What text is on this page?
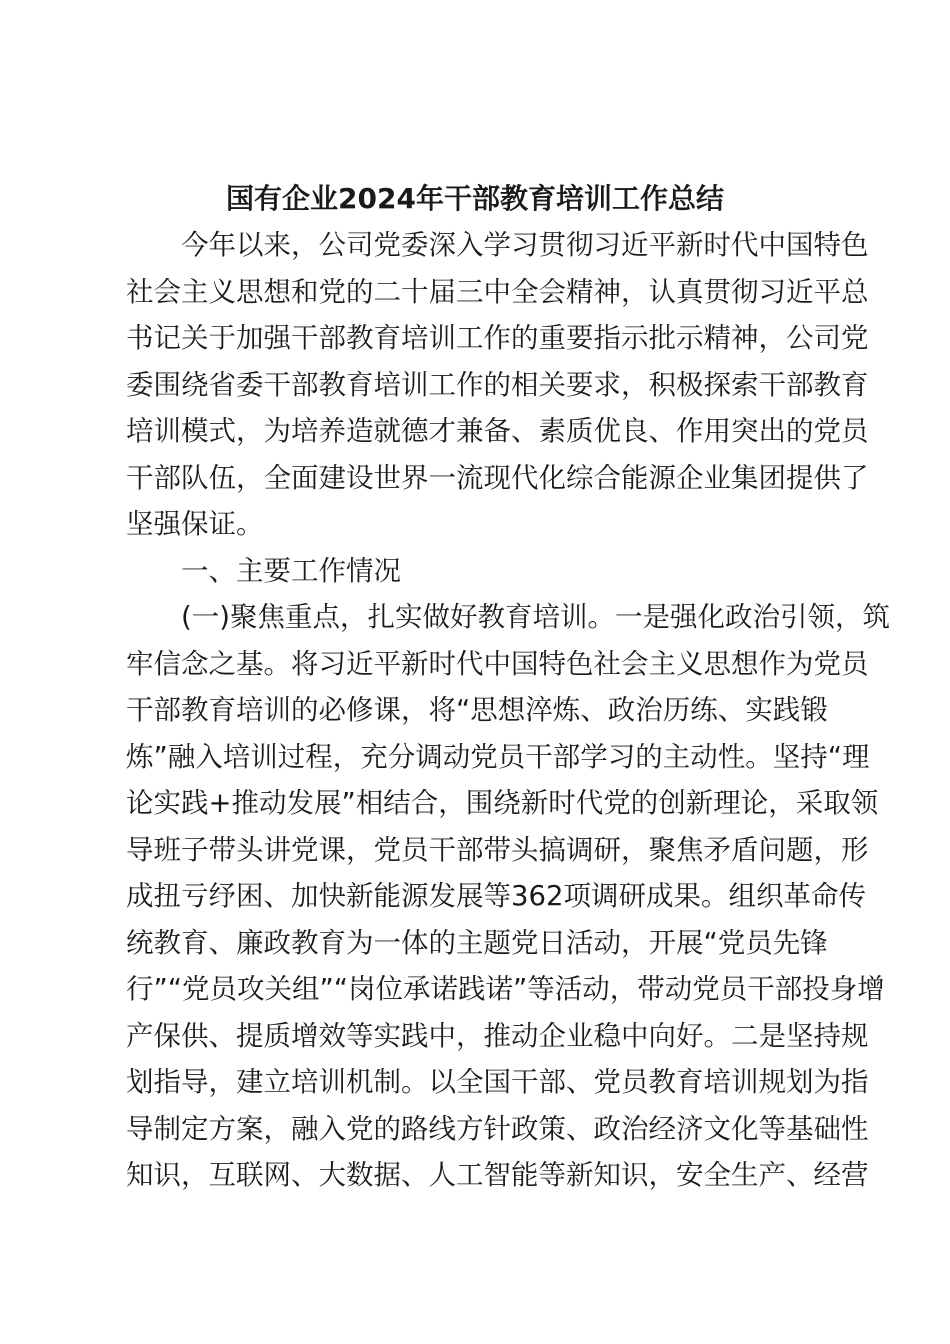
国有企业2024年干部教育培训工作总结
　　今年以来，公司党委深入学习贯彻习近平新时代中国特色
社会主义思想和党的二十届三中全会精神，认真贯彻习近平总
书记关于加强干部教育培训工作的重要指示批示精神，公司党
委围绕省委干部教育培训工作的相关要求，积极探索干部教育
培训模式，为培养造就德才兼备、素质优良、作用突出的党员
干部队伍，全面建设世界一流现代化综合能源企业集团提供了
坚强保证。
　　一、主要工作情况
　　(一)聚焦重点，扎实做好教育培训。一是强化政治引领，筑
牢信念之基。将习近平新时代中国特色社会主义思想作为党员
干部教育培训的必修课，将“思想淬炼、政治历练、实践锻
炼”融入培训过程，充分调动党员干部学习的主动性。坚持“理
论实践+推动发展”相结合，围绕新时代党的创新理论，采取领
导班子带头讲党课，党员干部带头搞调研，聚焦矛盾问题，形
成扭亏纾困、加快新能源发展等362项调研成果。组织革命传
统教育、廉政教育为一体的主题党日活动，开展“党员先锋
行”“党员攻关组”“岗位承诺践诺”等活动，带动党员干部投身增
产保供、提质增效等实践中，推动企业稳中向好。二是坚持规
划指导，建立培训机制。以全国干部、党员教育培训规划为指
导制定方案，融入党的路线方针政策、政治经济文化等基础性
知识，互联网、大数据、人工智能等新知识，安全生产、经营
